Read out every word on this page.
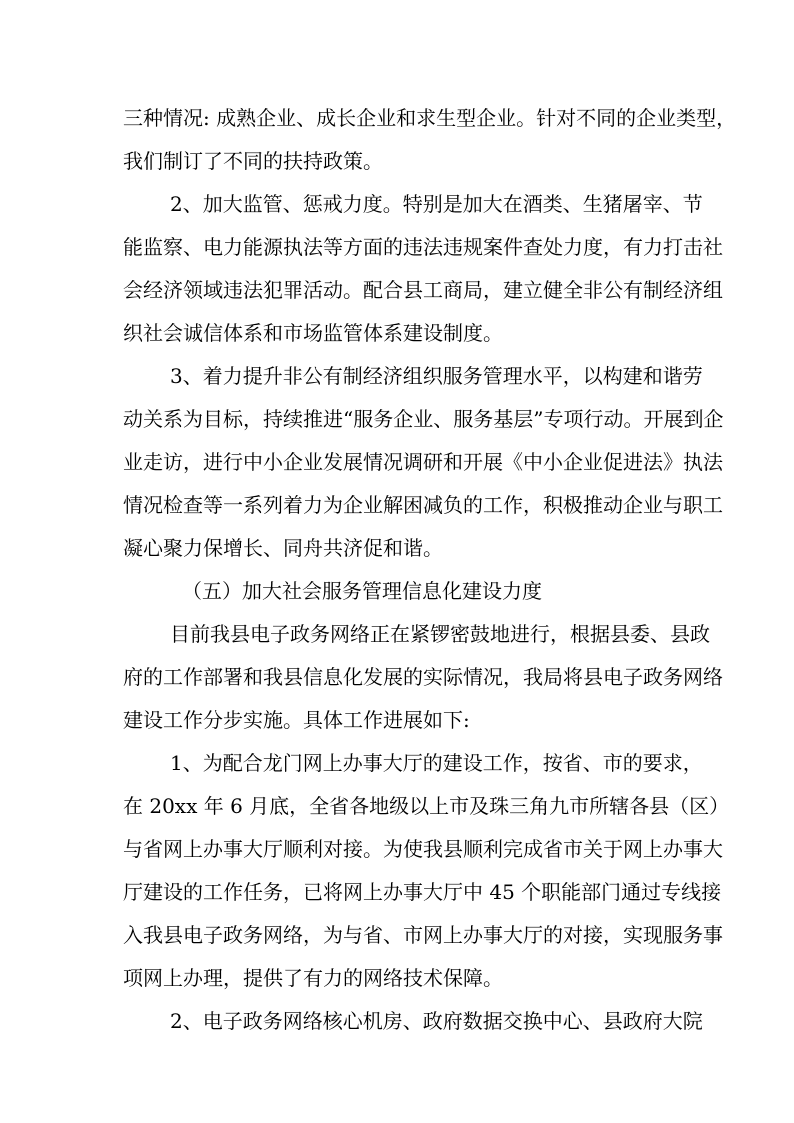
三种情况: 成熟企业、成长企业和求生型企业。针对不同的企业类型，
我们制订了不同的扶持政策。
2、加大监管、惩戒力度。特别是加大在酒类、生猪屠宰、节
能监察、电力能源执法等方面的违法违规案件查处力度，有力打击社
会经济领域违法犯罪活动。配合县工商局，建立健全非公有制经济组
织社会诚信体系和市场监管体系建设制度。
3、着力提升非公有制经济组织服务管理水平，以构建和谐劳
动关系为目标，持续推进“服务企业、服务基层”专项行动。开展到企
业走访，进行中小企业发展情况调研和开展《中小企业促进法》执法
情况检查等一系列着力为企业解困减负的工作，积极推动企业与职工
凝心聚力保增长、同舟共济促和谐。
（五）加大社会服务管理信息化建设力度
目前我县电子政务网络正在紧锣密鼓地进行，根据县委、县政
府的工作部署和我县信息化发展的实际情况，我局将县电子政务网络
建设工作分步实施。具体工作进展如下:
1、为配合龙门网上办事大厅的建设工作，按省、市的要求，
在 20xx 年 6 月底，全省各地级以上市及珠三角九市所辖各县（区）
与省网上办事大厅顺利对接。为使我县顺利完成省市关于网上办事大
厅建设的工作任务，已将网上办事大厅中 45 个职能部门通过专线接
入我县电子政务网络，为与省、市网上办事大厅的对接，实现服务事
项网上办理，提供了有力的网络技术保障。
2、电子政务网络核心机房、政府数据交换中心、县政府大院
